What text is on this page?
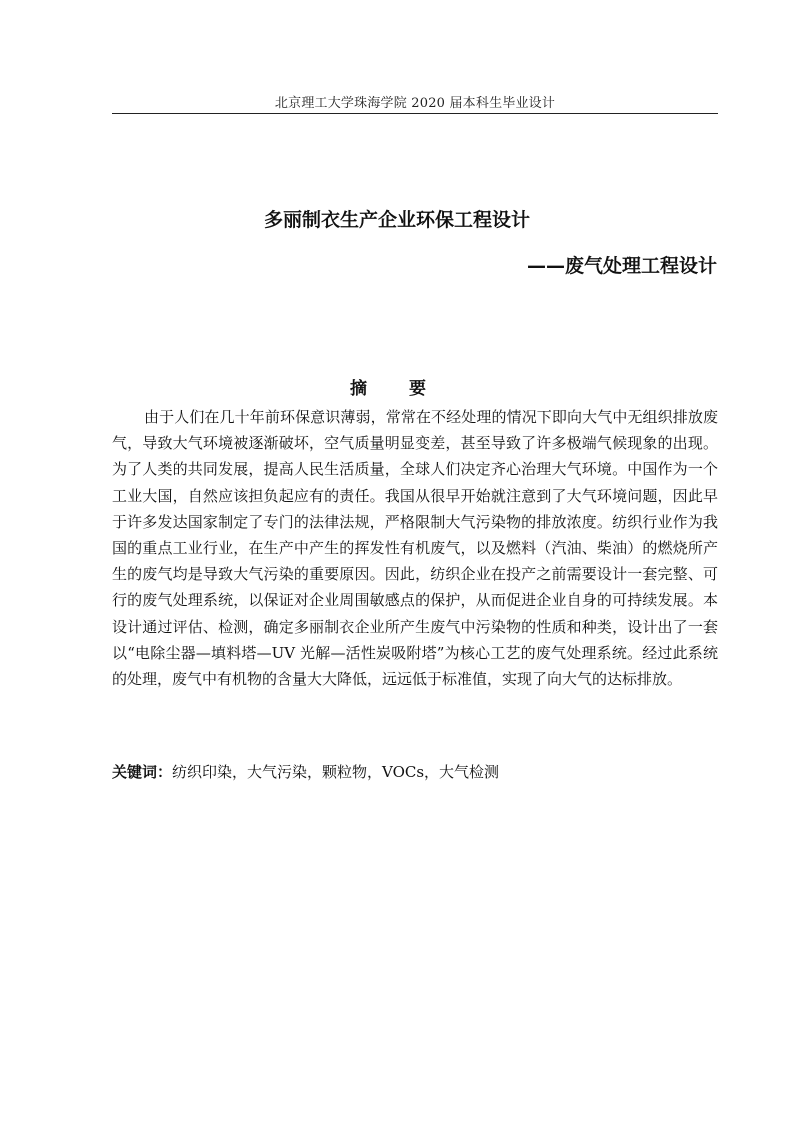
北京理工大学珠海学院 2020 届本科生毕业设计
多丽制衣生产企业环保工程设计
——废气处理工程设计
摘 要

由于人们在几十年前环保意识薄弱，常常在不经处理的情况下即向大气中无组织排放废气，导致大气环境被逐渐破坏，空气质量明显变差，甚至导致了许多极端气候现象的出现。为了人类的共同发展，提高人民生活质量，全球人们决定齐心治理大气环境。中国作为一个工业大国，自然应该担负起应有的责任。我国从很早开始就注意到了大气环境问题，因此早于许多发达国家制定了专门的法律法规，严格限制大气污染物的排放浓度。纺织行业作为我国的重点工业行业，在生产中产生的挥发性有机废气，以及燃料（汽油、柴油）的燃烧所产生的废气均是导致大气污染的重要原因。因此，纺织企业在投产之前需要设计一套完整、可行的废气处理系统，以保证对企业周围敏感点的保护，从而促进企业自身的可持续发展。本设计通过评估、检测，确定多丽制衣企业所产生废气中污染物的性质和种类，设计出了一套以“电除尘器—填料塔—UV 光解—活性炭吸附塔”为核心工艺的废气处理系统。经过此系统的处理，废气中有机物的含量大大降低，远远低于标准值，实现了向大气的达标排放。

关键词：纺织印染，大气污染，颗粒物，VOCs，大气检测
